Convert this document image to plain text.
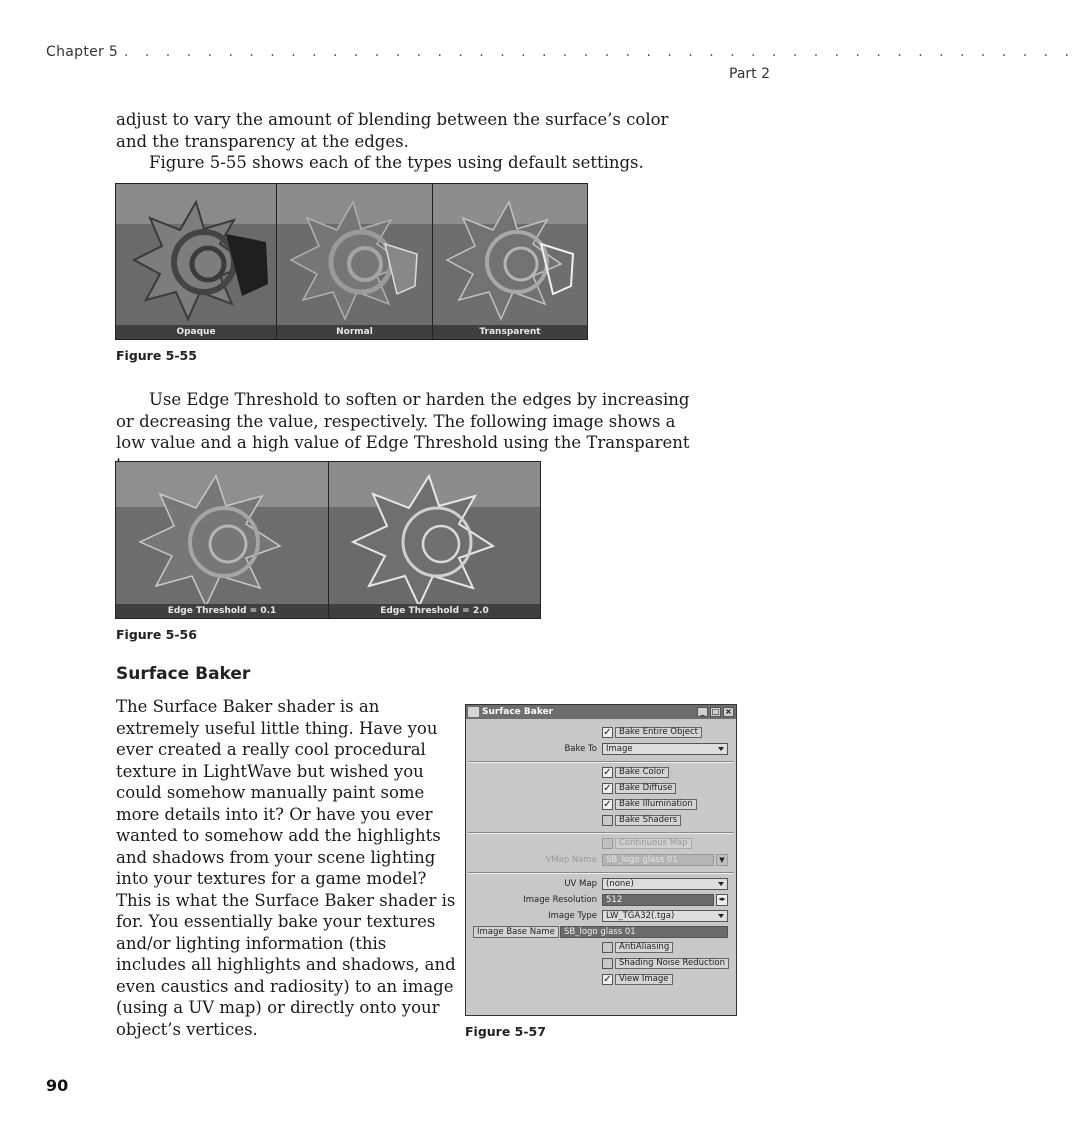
Chapter 5 . . . . . . . . . . . . . . . . . . . . . . . . . . . . . . . . . . . . . . . . . . . . . .
Part 2

adjust to vary the amount of blending between the surface’s color and the transparency at the edges.

Figure 5-55 shows each of the types using default settings.

Opaque	Normal	Transparent
Figure 5-55

Use Edge Threshold to soften or harden the edges by increasing or decreasing the value, respectively. The following image shows a low value and a high value of Edge Threshold using the Transparent

Edge Threshold = 0.1	Edge Threshold = 2.0
Figure 5-56
Surface Baker

The Surface Baker shader is an extremely useful little thing. Have you ever created a really cool procedural texture in LightWave but wished you could somehow manually paint some more details into it? Or have you ever wanted to somehow add the highlights and shadows from your scene lighting into your textures for a game model? This is what the Surface Baker shader is for. You essentially bake your textures and/or lighting information (this includes all highlights and shadows, and even caustics and radiosity) to an image (using a UV map) or directly onto your object’s vertices.

Surface Baker	_ □ ×
✓ Bake Entire Object
Bake To	Image
✓ Bake Color
✓ Bake Diffuse
✓ Bake Illumination
Bake Shaders
Continuous Map
VMap Name	SB_logo glass 01	▼
UV Map	(none)
Image Resolution	512	◂▸
Image Type	LW_TGA32(.tga)
Image Base Name	SB_logo glass 01
AntiAliasing
Shading Noise Reduction
✓ View Image
Figure 5-57
90
